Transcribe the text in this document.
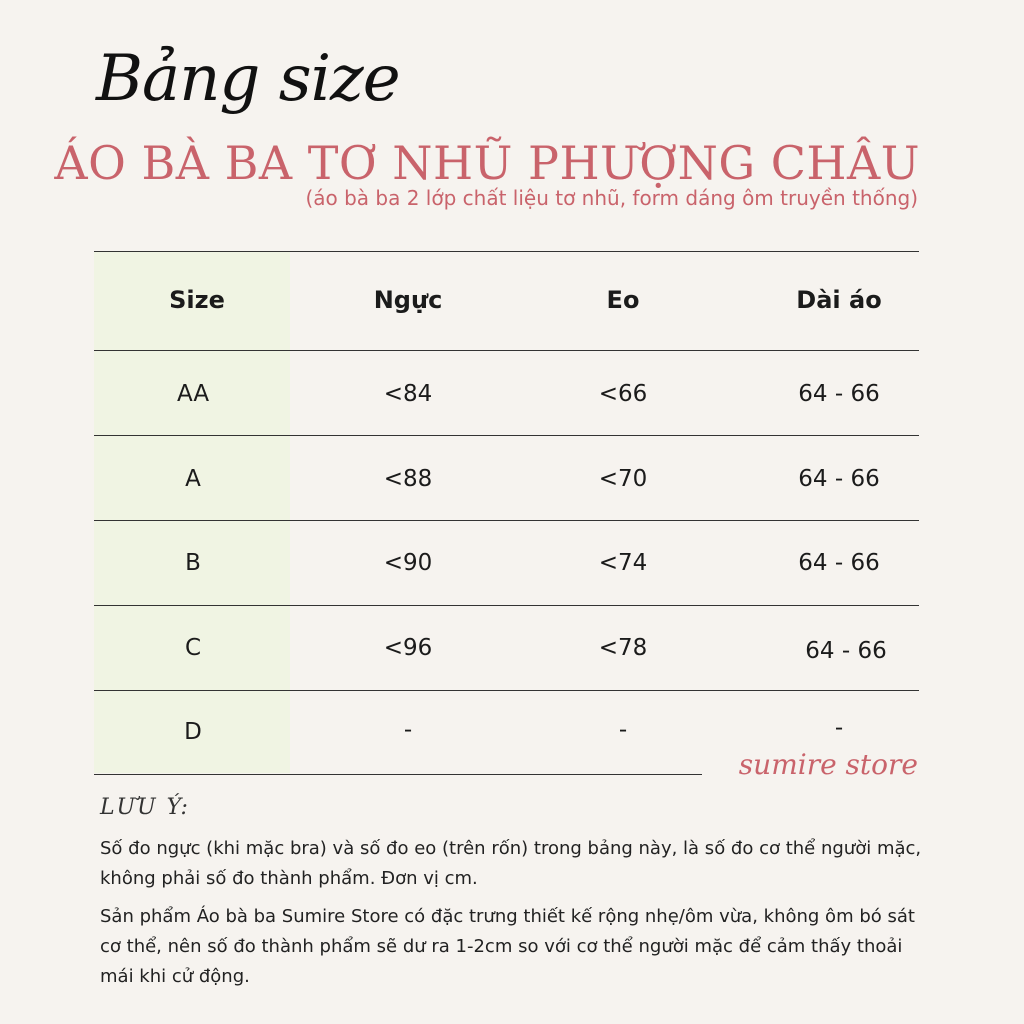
Bảng size
ÁO BÀ BA TƠ NHŨ PHƯỢNG CHÂU
(áo bà ba 2 lớp chất liệu tơ nhũ, form dáng ôm truyền thống)
Size	Ngực	Eo	Dài áo
AA	<84	<66	64 - 66
A	<88	<70	64 - 66
B	<90	<74	64 - 66
C	<96	<78	64 - 66
D	-	-	-
sumire store
LƯU Ý:

Số đo ngực (khi mặc bra) và số đo eo (trên rốn) trong bảng này, là số đo cơ thể người mặc, không phải số đo thành phẩm. Đơn vị cm.

Sản phẩm Áo bà ba Sumire Store có đặc trưng thiết kế rộng nhẹ/ôm vừa, không ôm bó sát cơ thể, nên số đo thành phẩm sẽ dư ra 1-2cm so với cơ thể người mặc để cảm thấy thoải mái khi cử động.
